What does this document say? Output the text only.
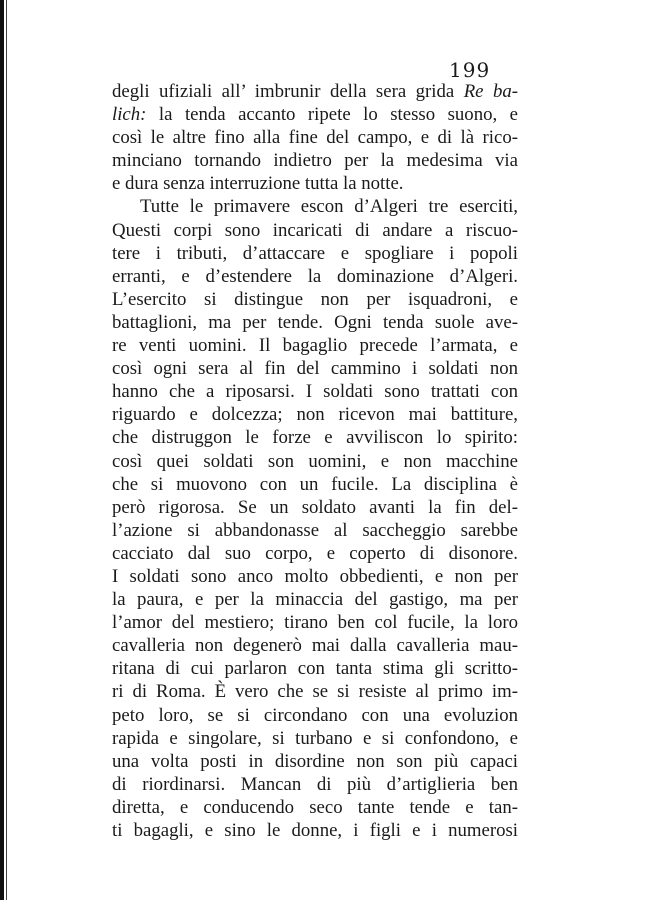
199
degli ufiziali all’ imbrunir della sera grida Re ba-
lich: la tenda accanto ripete lo stesso suono, e
così le altre fino alla fine del campo, e di là rico-
minciano tornando indietro per la medesima via
e dura senza interruzione tutta la notte.
Tutte le primavere escon d’Algeri tre eserciti,
Questi corpi sono incaricati di andare a riscuo-
tere i tributi, d’attaccare e spogliare i popoli
erranti, e d’estendere la dominazione d’Algeri.
L’esercito si distingue non per isquadroni, e
battaglioni, ma per tende. Ogni tenda suole ave-
re venti uomini. Il bagaglio precede l’armata, e
così ogni sera al fin del cammino i soldati non
hanno che a riposarsi. I soldati sono trattati con
riguardo e dolcezza; non ricevon mai battiture,
che distruggon le forze e avviliscon lo spirito:
così quei soldati son uomini, e non macchine
che si muovono con un fucile. La disciplina è
però rigorosa. Se un soldato avanti la fin del-
l’azione si abbandonasse al saccheggio sarebbe
cacciato dal suo corpo, e coperto di disonore.
I soldati sono anco molto obbedienti, e non per
la paura, e per la minaccia del gastigo, ma per
l’amor del mestiero; tirano ben col fucile, la loro
cavalleria non degenerò mai dalla cavalleria mau-
ritana di cui parlaron con tanta stima gli scritto-
ri di Roma. È vero che se si resiste al primo im-
peto loro, se si circondano con una evoluzion
rapida e singolare, si turbano e si confondono, e
una volta posti in disordine non son più capaci
di riordinarsi. Mancan di più d’artiglieria ben
diretta, e conducendo seco tante tende e tan-
ti bagagli, e sino le donne, i figli e i numerosi
